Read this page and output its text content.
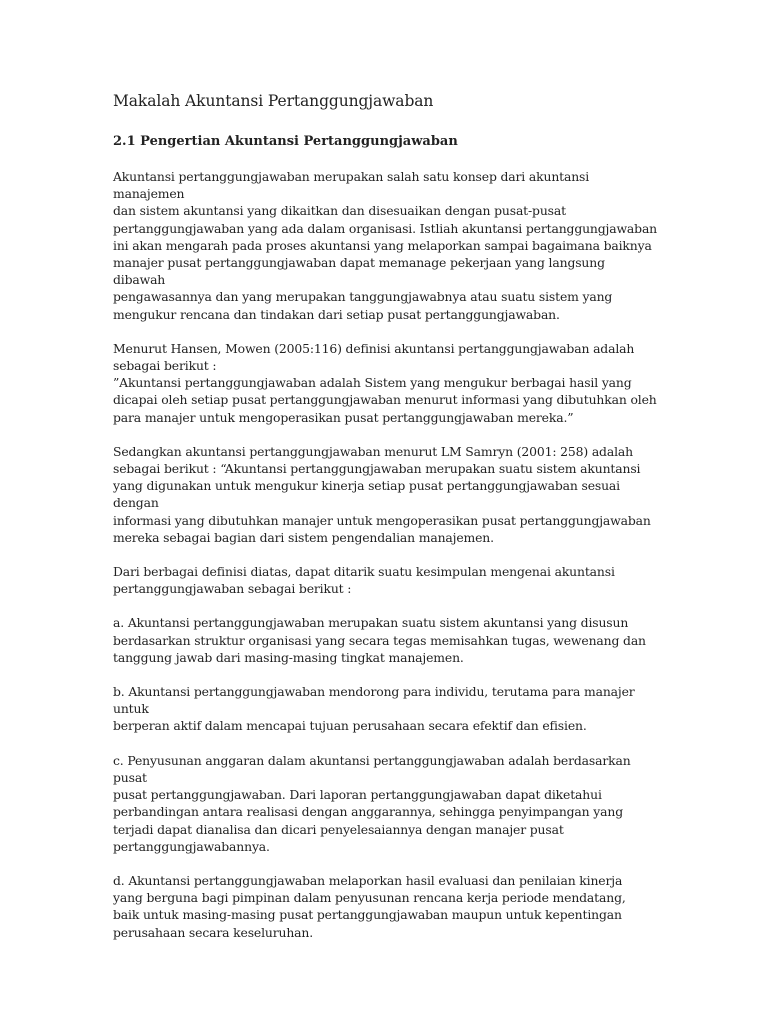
Makalah Akuntansi Pertanggungjawaban
2.1 Pengertian Akuntansi Pertanggungjawaban

Akuntansi pertanggungjawaban merupakan salah satu konsep dari akuntansi manajemen
dan sistem akuntansi yang dikaitkan dan disesuaikan dengan pusat-pusat
pertanggungjawaban yang ada dalam organisasi. Istliah akuntansi pertanggungjawaban
ini akan mengarah pada proses akuntansi yang melaporkan sampai bagaimana baiknya
manajer pusat pertanggungjawaban dapat memanage pekerjaan yang langsung dibawah
pengawasannya dan yang merupakan tanggungjawabnya atau suatu sistem yang
mengukur rencana dan tindakan dari setiap pusat pertanggungjawaban.

Menurut Hansen, Mowen (2005:116) definisi akuntansi pertanggungjawaban adalah
sebagai berikut :
”Akuntansi pertanggungjawaban adalah Sistem yang mengukur berbagai hasil yang
dicapai oleh setiap pusat pertanggungjawaban menurut informasi yang dibutuhkan oleh
para manajer untuk mengoperasikan pusat pertanggungjawaban mereka.”

Sedangkan akuntansi pertanggungjawaban menurut LM Samryn (2001: 258) adalah
sebagai berikut : “Akuntansi pertanggungjawaban merupakan suatu sistem akuntansi
yang digunakan untuk mengukur kinerja setiap pusat pertanggungjawaban sesuai dengan
informasi yang dibutuhkan manajer untuk mengoperasikan pusat pertanggungjawaban
mereka sebagai bagian dari sistem pengendalian manajemen.

Dari berbagai definisi diatas, dapat ditarik suatu kesimpulan mengenai akuntansi
pertanggungjawaban sebagai berikut :

a. Akuntansi pertanggungjawaban merupakan suatu sistem akuntansi yang disusun
berdasarkan struktur organisasi yang secara tegas memisahkan tugas, wewenang dan
tanggung jawab dari masing-masing tingkat manajemen.

b. Akuntansi pertanggungjawaban mendorong para individu, terutama para manajer
untuk
berperan aktif dalam mencapai tujuan perusahaan secara efektif dan efisien.

c. Penyusunan anggaran dalam akuntansi pertanggungjawaban adalah berdasarkan pusat
pusat pertanggungjawaban. Dari laporan pertanggungjawaban dapat diketahui
perbandingan antara realisasi dengan anggarannya, sehingga penyimpangan yang
terjadi dapat dianalisa dan dicari penyelesaiannya dengan manajer pusat
pertanggungjawabannya.

d. Akuntansi pertanggungjawaban melaporkan hasil evaluasi dan penilaian kinerja
yang berguna bagi pimpinan dalam penyusunan rencana kerja periode mendatang,
baik untuk masing-masing pusat pertanggungjawaban maupun untuk kepentingan
perusahaan secara keseluruhan.
